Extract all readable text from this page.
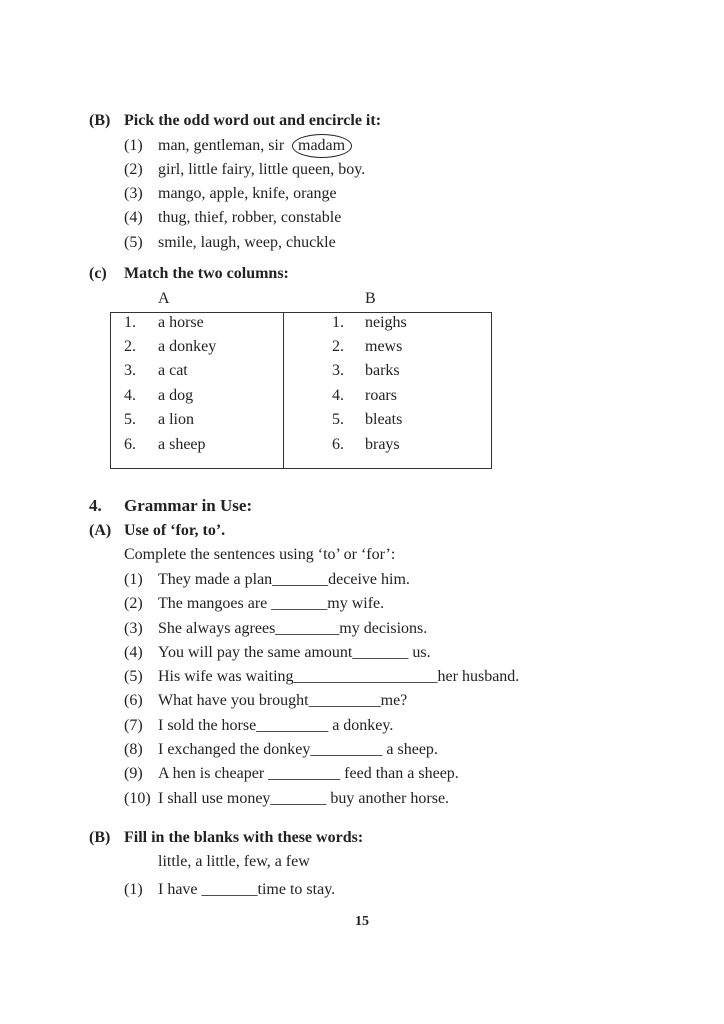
(B) Pick the odd word out and encircle it:
(1) man, gentleman, sir madam
(2) girl, little fairy, little queen, boy.
(3) mango, apple, knife, orange
(4) thug, thief, robber, constable
(5) smile, laugh, weep, chuckle
(c) Match the two columns:
A	B
1. a horse	1. neighs
2. a donkey	2. mews
3. a cat	3. barks
4. a dog	4. roars
5. a lion	5. bleats
6. a sheep	6. brays
4. Grammar in Use:
(A) Use of ‘for, to’.
Complete the sentences using ‘to’ or ‘for’:
(1) They made a plan_______deceive him.
(2) The mangoes are _______my wife.
(3) She always agrees________my decisions.
(4) You will pay the same amount_______ us.
(5) His wife was waiting__________________her husband.
(6) What have you brought_________me?
(7) I sold the horse_________ a donkey.
(8) I exchanged the donkey_________ a sheep.
(9) A hen is cheaper _________ feed than a sheep.
(10) I shall use money_______ buy another horse.
(B) Fill in the blanks with these words:
little, a little, few, a few
(1) I have _______time to stay.
15
